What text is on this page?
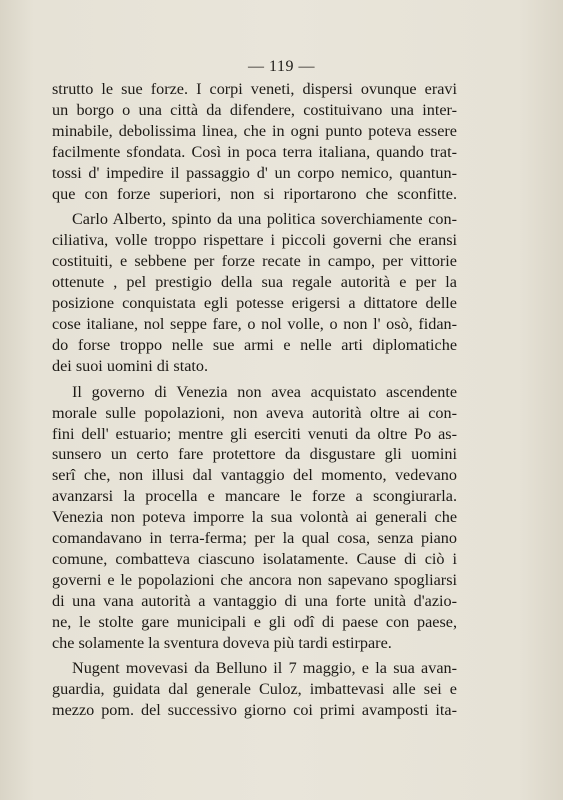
— 119 —
strutto le sue forze. I corpi veneti, dispersi ovunque eravi
un borgo o una città da difendere, costituivano una inter-
minabile, debolissima linea, che in ogni punto poteva essere
facilmente sfondata. Così in poca terra italiana, quando trat-
tossi d' impedire il passaggio d' un corpo nemico, quantun-
que con forze superiori, non si riportarono che sconfitte.
Carlo Alberto, spinto da una politica soverchiamente con-
ciliativa, volle troppo rispettare i piccoli governi che eransi
costituiti, e sebbene per forze recate in campo, per vittorie
ottenute , pel prestigio della sua regale autorità e per la
posizione conquistata egli potesse erigersi a dittatore delle
cose italiane, nol seppe fare, o nol volle, o non l' osò, fidan-
do forse troppo nelle sue armi e nelle arti diplomatiche
dei suoi uomini di stato.
Il governo di Venezia non avea acquistato ascendente
morale sulle popolazioni, non aveva autorità oltre ai con-
fini dell' estuario; mentre gli eserciti venuti da oltre Po as-
sunsero un certo fare protettore da disgustare gli uomini
serî che, non illusi dal vantaggio del momento, vedevano
avanzarsi la procella e mancare le forze a scongiurarla.
Venezia non poteva imporre la sua volontà ai generali che
comandavano in terra-ferma; per la qual cosa, senza piano
comune, combatteva ciascuno isolatamente. Cause di ciò i
governi e le popolazioni che ancora non sapevano spogliarsi
di una vana autorità a vantaggio di una forte unità d'azio-
ne, le stolte gare municipali e gli odî di paese con paese,
che solamente la sventura doveva più tardi estirpare.
Nugent movevasi da Belluno il 7 maggio, e la sua avan-
guardia, guidata dal generale Culoz, imbattevasi alle sei e
mezzo pom. del successivo giorno coi primi avamposti ita-
